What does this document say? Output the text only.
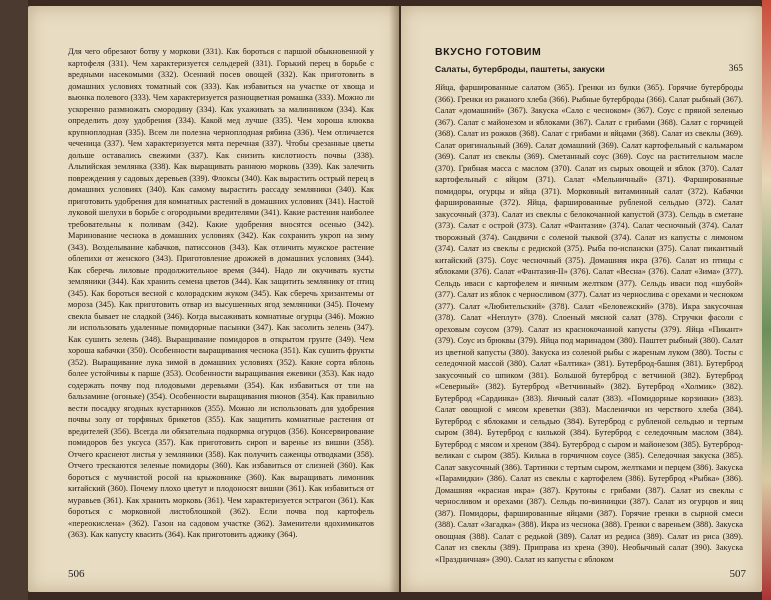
Для чего обрезают ботву у моркови (331). Как бороться с паршой обыкновенной у картофеля (331). Чем характеризуется сельдерей (331). Горький перец в борьбе с вредными насекомыми (332). Осенний посев овощей (332). Как приготовить в домашних условиях томатный сок (333). Как избавиться на участке от хвоща и вьюнка полевого (333). Чем характеризуется разнощветная ромашка (333). Можно ли ускоренно размножать смородину (334). Как ухаживать за малинником (334). Как определить дозу удобрения (334). Какой мед лучше (335). Чем хороша клюква крупноплодная (335). Всем ли полезна черноплодная рябина (336). Чем отличается чеченица (337). Чем характеризуется мята перечная (337). Чтобы срезанные цветы дольше оставались свежими (337). Как снизить кислотность почвы (338). Альпийская землянка (338). Как выращивать раннюю морковь (339). Как залечить повреждения у садовых деревьев (339). Флоксы (340). Как вырастить острый перец в домашних условиях (340). Как самому вырастить рассаду земляники (340). Как приготовить удобрения для комнатных растений в домашних условиях (341). Настой луковой шелухи в борьбе с огородными вредителями (341). Какие растения наиболее требовательны к поливам (342). Какие удобрения вносятся осенью (342). Маринование чеснока в домашних условиях (342). Как сохранить укроп на зиму (343). Возделывание кабачков, патиссонов (343). Как отличить мужское растение облепихи от женского (343). Приготовление дрожжей в домашних условиях (344). Как сберечь лиловые продолжительное время (344). Надо ли окучивать кусты земляники (344). Как хранить семена цветов (344). Как защитить землянику от птиц (345). Как бороться весной с колорадским жуком (345). Как сберечь хризантемы от мороза (345). Как приготовить отвар из высушенных ягод земляники (345). Почему свекла бывает не сладкой (346). Когда высаживать комнатные огурцы (346). Можно ли использовать удаленные помидорные пасынки (347). Как засолить зелень (347). Как сушить зелень (348). Выращивание помидоров в открытом грунте (349). Чем хороша кабачки (350). Особенности выращивания чеснока (351). Как сушить фрукты (352). Выращивание лука зимой в домашних условиях (352). Какие сорта яблонь более устойчивы к парше (353). Особенности выращивания ежевики (353). Как надо содержать почву под плодовыми деревьями (354). Как избавиться от тли на бальзамине (огоньке) (354). Особенности выращивания пионов (354). Как правильно вести посадку ягодных кустарников (355). Можно ли использовать для удобрения почвы золу от торфяных брикетов (355). Как защитить комнатные растения от вредителей (356). Всегда ли обязательна подкормка огурцов (356). Консервирование помидоров без уксуса (357). Как приготовить сироп и варенье из вишни (358). Отчего краснеют листья у земляники (358). Как получить саженцы отводками (358). Отчего трескаются зеленые помидоры (360). Как избавиться от слизней (360). Как бороться с мучнистой росой на крыжовнике (360). Как выращивать лимонник китайский (360). Почему плохо цветут и плодоносят вишни (361). Как избавиться от муравьев (361). Как хранить морковь (361). Чем характеризуется эстрагон (361). Как бороться с морковной листоблошкой (362). Если почва под картофель «переокислена» (362). Газон на садовом участке (362). Заменители ядохимикатов (363). Как капусту квасить (364). Как приготовить аджику (364).
506
ВКУСНО ГОТОВИМ
Салаты, бутерброды, паштеты, закуски	365
Яйца, фаршированные салатом (365). Гренки из булки (365). Горячие бутерброды (366). Гренки из ржаного хлеба (366). Рыбные бутерброды (366). Салат рыбный (367). Салат «домашний» (367). Закуска «Сало с чесноком» (367). Соус с пряной зеленью (367). Салат с майонезом и яблоками (367). Салат с грибами (368). Салат с горчицей (368). Салат из рожков (368). Салат с грибами и яйцами (368). Салат из свеклы (369). Салат оригинальный (369). Салат домашний (369). Салат картофельный с кальмаром (369). Салат из свеклы (369). Сметанный соус (369). Соус на растительном масле (370). Грибная масса с маслом (370). Салат из сырых овощей и яблок (370). Салат картофельный с яйцом (371). Салат «Мельничный» (371). Фаршированные помидоры, огурцы и яйца (371). Морковный витаминный салат (372). Кабачки фаршированные (372). Яйца, фаршированные рубленой сельдью (372). Салат закусочный (373). Салат из свеклы с белокочанной капустой (373). Сельдь в сметане (373). Салат с острой (373). Салат «Фантазия» (374). Салат чесночный (374). Салат творожный (374). Сандвичи с соленой тыквой (374). Салат из капусты с лимоном (374). Салат из свеклы с редиской (375). Рыба по-испански (375). Салат пикантный китайский (375). Соус чесночный (375). Домашняя икра (376). Салат из птицы с яблоками (376). Салат «Фантазия-II» (376). Салат «Весна» (376). Салат «Зима» (377). Сельдь иваси с картофелем и яичным желтком (377). Сельдь иваси под «шубой» (377). Салат из яблок с черносливом (377). Салат из чернослива с орехами и чесноком (377). Салат «Любительский» (378). Салат «Беловежский» (378). Икра закусочная (378). Салат «Неплут» (378). Слоеный мясной салат (378). Стручки фасоли с ореховым соусом (379). Салат из краснокочанной капусты (379). Яйца «Пикант» (379). Соус из брюквы (379). Яйца под маринадом (380). Паштет рыбный (380). Салат из цветной капусты (380). Закуска из соленой рыбы с жареным луком (380). Тосты с селедочной массой (380). Салат «Балтика» (381). Бутерброд-башня (381). Бутерброд закусочный со шпиком (381). Большой бутерброд с ветчиной (382). Бутерброд «Северный» (382). Бутерброд «Ветчинный» (382). Бутерброд «Холмик» (382). Бутерброд «Сардинка» (383). Яичный салат (383). «Помидорные корзинки» (383). Салат овощной с мясом креветки (383). Масленички из черствого хлеба (384). Бутерброд с яблоками и сельдью (384). Бутерброд с рубленой сельдью и тертым сыром (384). Бутерброд с килькой (384). Бутерброд с селедочным маслом (384). Бутерброд с мясом и хреном (384). Бутерброд с сыром и майонезом (385). Бутерброд-великан с сыром (385). Килька в горчичном соусе (385). Селедочная закуска (385). Салат закусочный (386). Тартинки с тертым сыром, желтками и перцем (386). Закуска «Парамидки» (386). Салат из свеклы с картофелем (386). Бутерброд «Рыбка» (386). Домашняя «красная икра» (387). Крутоны с грибами (387). Салат из свеклы с черносливом и орехами (387). Сельдь по-винницки (387). Салат из огурцов и яиц (387). Помидоры, фаршированные яйцами (387). Горячие гренки в сырной смеси (388). Салат «Загадка» (388). Икра из чеснока (388). Гренки с вареньем (388). Закуска овощная (388). Салат с редькой (389). Салат из редиса (389). Салат из риса (389). Салат из свеклы (389). Приправа из хрена (390). Необычный салат (390). Закуска «Праздничная» (390). Салат из капусты с яблоком
507
